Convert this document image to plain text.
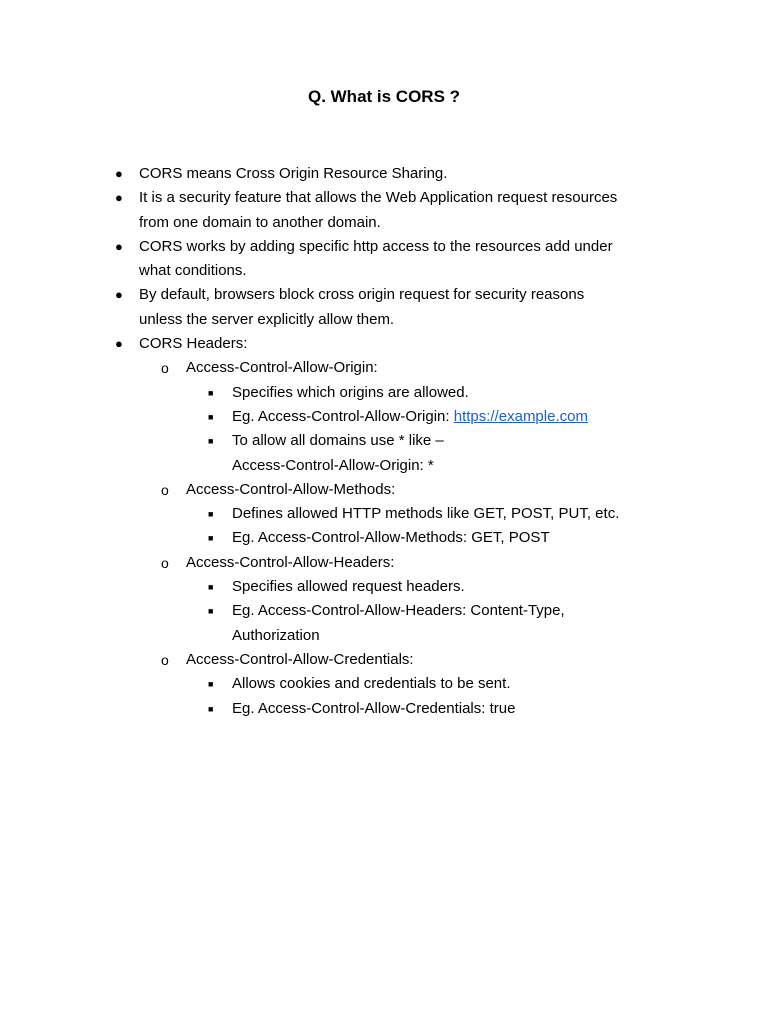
Q. What is CORS ?
● CORS means Cross Origin Resource Sharing.
● It is a security feature that allows the Web Application request resources
from one domain to another domain.
● CORS works by adding specific http access to the resources add under
what conditions.
● By default, browsers block cross origin request for security reasons
unless the server explicitly allow them.
● CORS Headers:
o Access-Control-Allow-Origin:
■ Specifies which origins are allowed.
■ Eg. Access-Control-Allow-Origin: https://example.com
■ To allow all domains use * like –
Access-Control-Allow-Origin: *
o Access-Control-Allow-Methods:
■ Defines allowed HTTP methods like GET, POST, PUT, etc.
■ Eg. Access-Control-Allow-Methods: GET, POST
o Access-Control-Allow-Headers:
■ Specifies allowed request headers.
■ Eg. Access-Control-Allow-Headers: Content-Type,
Authorization
o Access-Control-Allow-Credentials:
■ Allows cookies and credentials to be sent.
■ Eg. Access-Control-Allow-Credentials: true
